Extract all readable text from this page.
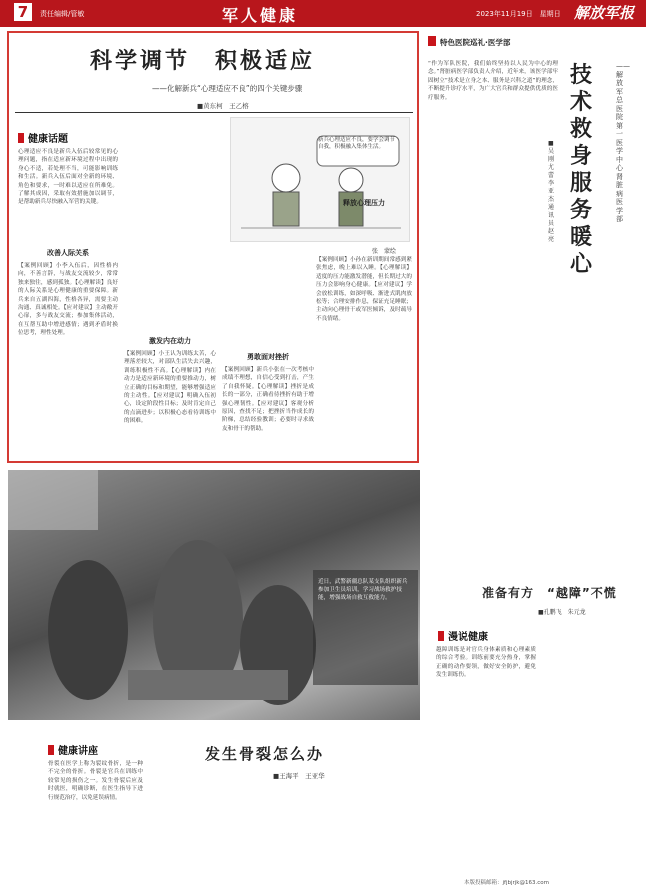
7	责任编辑/管敏	军人健康	2023年11月19日　星期日 解放军报
科学调节　积极适应
——化解新兵“心理适应不良”的四个关键步骤
■黄东柯　王乙榕
健康话题
心理适应不良是新兵入伍后较常见的心理问题，指在适应新环境过程中出现的身心不适，若处理不当，可能影响训练和生活。新兵入伍后面对全新的环境、角色和要求，一时难以适应在所难免。了解其成因，采取有效措施加以调节，是帮助新兵尽快融入军营的关键。
改善人际关系
【案例回顾】小李入伍后，因性格内向，不善言辞，与战友交流较少，常常独来独往，感到孤独。【心理解读】良好的人际关系是心理健康的重要保障。新兵来自五湖四海，性格各异，需要主动沟通、真诚相处。【应对建议】主动敞开心扉，多与战友交流；参加集体活动，在互帮互助中增进感情；遇到矛盾时换位思考，理性处理。
新兵心理适应不良，要学会调节自我，积极融入集体生活。
张　蒙绘
激发内在动力
【案例回顾】小王认为训练太苦，心理落差较大，对部队生活失去兴趣，训练积极性不高。【心理解读】内在动力是适应新环境的重要推动力，树立正确的目标和期望，能够增强适应的主动性。【应对建议】明确入伍初心，设定阶段性目标；及时肯定自己的点滴进步；以积极心态看待训练中的困难。
勇敢面对挫折
【案例回顾】新兵小张在一次考核中成绩不理想，自信心受到打击，产生了自我怀疑。【心理解读】挫折是成长的一部分，正确看待挫折有助于增强心理韧性。【应对建议】客观分析原因，查找不足；把挫折当作成长的阶梯，总结经验教训；必要时寻求战友和骨干的帮助。
释放心理压力
【案例回顾】小孙在新训期间常感到紧张焦虑，晚上难以入睡。【心理解读】适度的压力能激发潜能，但长期过大的压力会影响身心健康。【应对建议】学会放松训练，如深呼吸、渐进式肌肉放松等；合理安排作息，保证充足睡眠；主动向心理骨干或军医倾诉，及时疏导不良情绪。
特色医院巡礼·医学部
技术救身　服务暖心
——解放军总医院第一医学中心肾脏病医学部
■吴刚 尤 蕾　李 亚 杰　通讯员　赵 亮
“作为军队医院，我们始终坚持以人民为中心的理念。”肾脏病医学部负责人介绍，近年来，该医学部牢固树立“技术是立身之本、服务是兴科之道”的理念，不断提升诊疗水平，为广大官兵和群众提供优质的医疗服务。
近日，武警新疆总队某支队组织新兵参加卫生员培训，学习战场救护技能，增强战场自救互救能力。
健康讲座	发生骨裂怎么办
■王海平　王亚华
骨裂在医学上称为裂纹骨折，是一种不完全的骨折。骨裂是官兵在训练中较常见的损伤之一。发生骨裂后应及时就医，明确诊断，在医生指导下进行规范治疗，以免延误病情。
准备有方　“越障”不慌
■孔鹏飞　朱元龙
漫说健康
越障训练是对官兵身体素质和心理素质的综合考验。训练前要充分热身，掌握正确的动作要领，做好安全防护，避免发生训练伤。
本版投稿邮箱：jfjbjrjk@163.com
